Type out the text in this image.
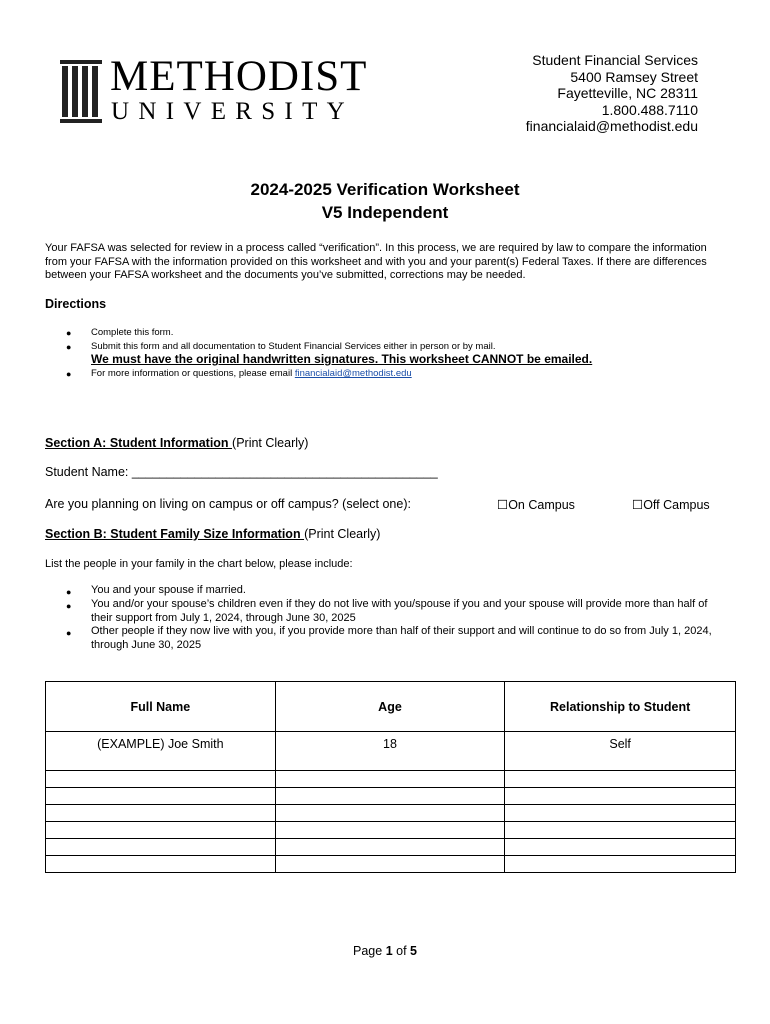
METHODIST
UNIVERSITY
Student Financial Services
5400 Ramsey Street
Fayetteville, NC 28311
1.800.488.7110
financialaid@methodist.edu
2024-2025 Verification Worksheet
V5 Independent
Your FAFSA was selected for review in a process called “verification”. In this process, we are required by law to compare the information from your FAFSA with the information provided on this worksheet and with you and your parent(s) Federal Taxes. If there are differences between your FAFSA worksheet and the documents you’ve submitted, corrections may be needed.
Directions
● Complete this form.
● Submit this form and all documentation to Student Financial Services either in person or by mail.
We must have the original handwritten signatures. This worksheet CANNOT be emailed.
● For more information or questions, please email financialaid@methodist.edu
Section A: Student Information (Print Clearly)
Student Name: ____________________________________________
Are you planning on living on campus or off campus? (select one):	☐On Campus	☐Off Campus
Section B: Student Family Size Information (Print Clearly)
List the people in your family in the chart below, please include:
● You and your spouse if married.
● You and/or your spouse’s children even if they do not live with you/spouse if you and your spouse will provide more than half of their support from July 1, 2024, through June 30, 2025
● Other people if they now live with you, if you provide more than half of their support and will continue to do so from July 1, 2024, through June 30, 2025
Full Name	Age	Relationship to Student
(EXAMPLE) Joe Smith	18	Self

Page 1 of 5
